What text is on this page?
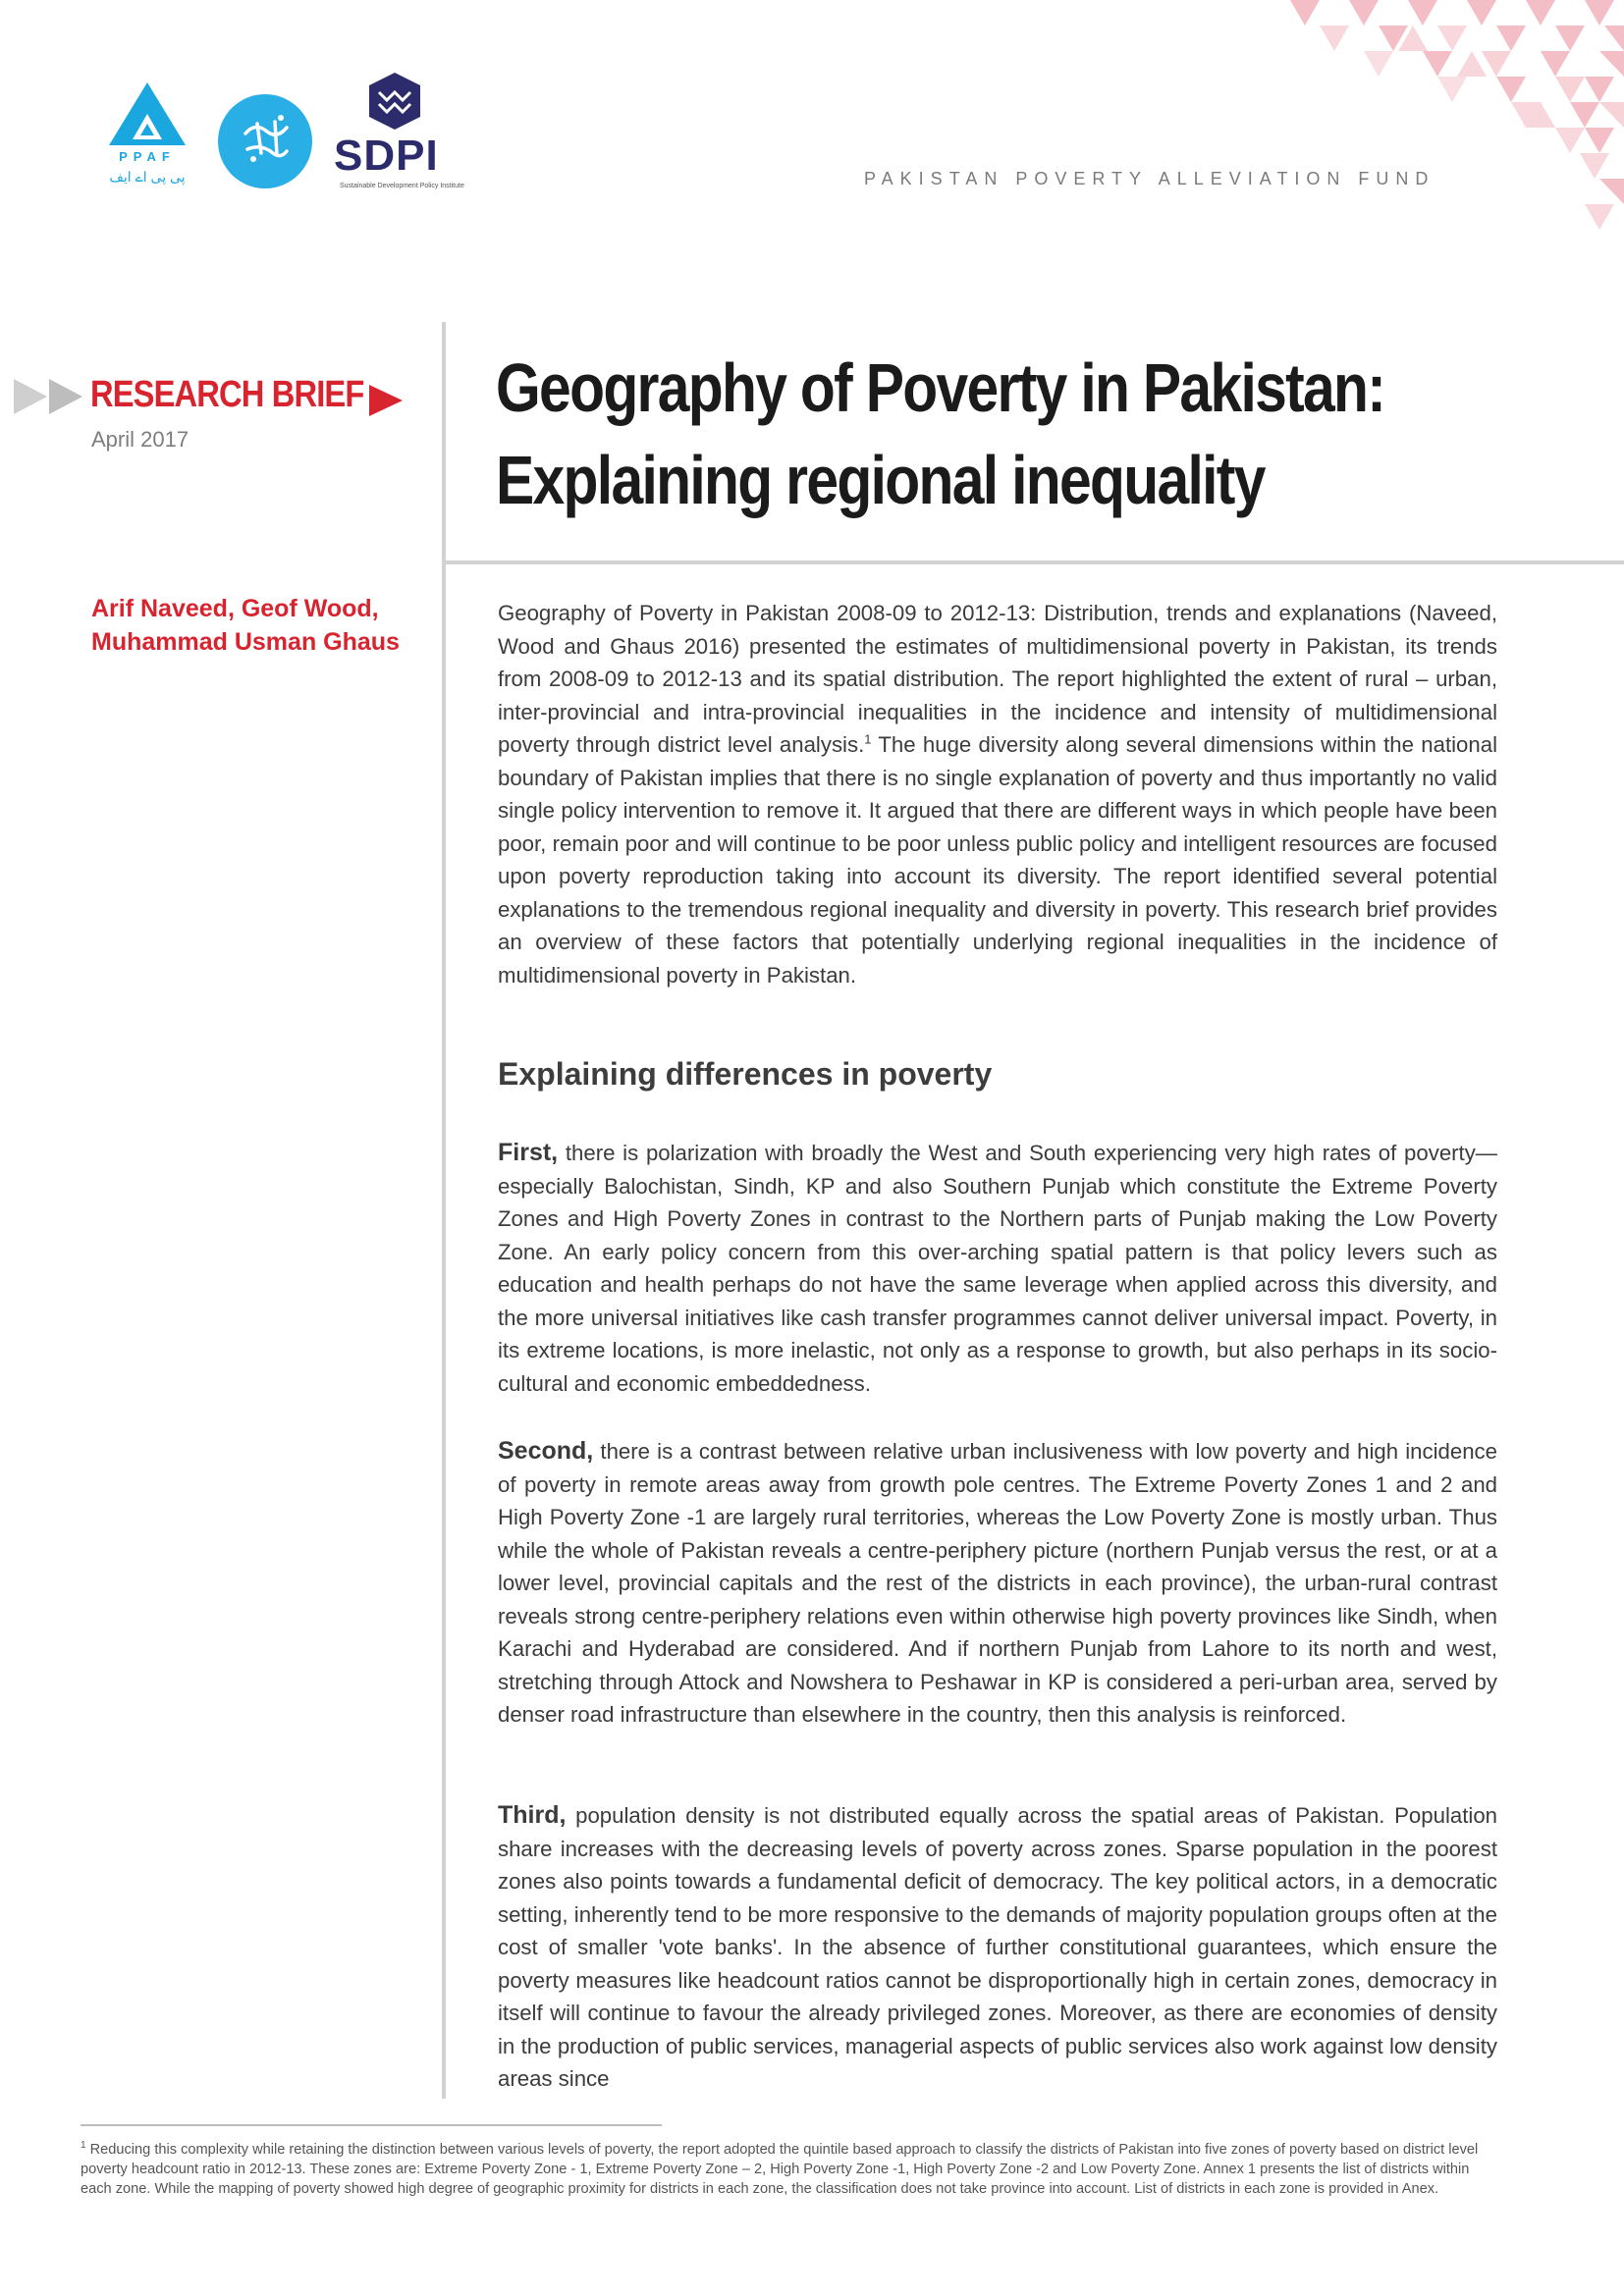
PPAF
پی پی اے ایف	SDPI
Sustainable Development Policy Institute	PAKISTAN POVERTY ALLEVIATION FUND
RESEARCH BRIEF
April 2017
Arif Naveed, Geof Wood,
Muhammad Usman Ghaus
Geography of Poverty in Pakistan:
Explaining regional inequality
Geography of Poverty in Pakistan 2008-09 to 2012-13: Distribution, trends and explanations (Naveed, Wood and Ghaus 2016) presented the estimates of multidimensional poverty in Pakistan, its trends from 2008-09 to 2012-13 and its spatial distribution. The report highlighted the extent of rural – urban, inter-provincial and intra-provincial inequalities in the incidence and intensity of multidimensional poverty through district level analysis.$^1$ The huge diversity along several dimensions within the national boundary of Pakistan implies that there is no single explanation of poverty and thus importantly no valid single policy intervention to remove it. It argued that there are different ways in which people have been poor, remain poor and will continue to be poor unless public policy and intelligent resources are focused upon poverty reproduction taking into account its diversity. The report identified several potential explanations to the tremendous regional inequality and diversity in poverty. This research brief provides an overview of these factors that potentially underlying regional inequalities in the incidence of multidimensional poverty in Pakistan.
Explaining differences in poverty
First, there is polarization with broadly the West and South experiencing very high rates of poverty—especially Balochistan, Sindh, KP and also Southern Punjab which constitute the Extreme Poverty Zones and High Poverty Zones in contrast to the Northern parts of Punjab making the Low Poverty Zone. An early policy concern from this over-arching spatial pattern is that policy levers such as education and health perhaps do not have the same leverage when applied across this diversity, and the more universal initiatives like cash transfer programmes cannot deliver universal impact. Poverty, in its extreme locations, is more inelastic, not only as a response to growth, but also perhaps in its socio-cultural and economic embeddedness.
Second, there is a contrast between relative urban inclusiveness with low poverty and high incidence of poverty in remote areas away from growth pole centres. The Extreme Poverty Zones 1 and 2 and High Poverty Zone -1 are largely rural territories, whereas the Low Poverty Zone is mostly urban. Thus while the whole of Pakistan reveals a centre-periphery picture (northern Punjab versus the rest, or at a lower level, provincial capitals and the rest of the districts in each province), the urban-rural contrast reveals strong centre-periphery relations even within otherwise high poverty provinces like Sindh, when Karachi and Hyderabad are considered. And if northern Punjab from Lahore to its north and west, stretching through Attock and Nowshera to Peshawar in KP is considered a peri-urban area, served by denser road infrastructure than elsewhere in the country, then this analysis is reinforced.
Third, population density is not distributed equally across the spatial areas of Pakistan. Population share increases with the decreasing levels of poverty across zones. Sparse population in the poorest zones also points towards a fundamental deficit of democracy. The key political actors, in a democratic setting, inherently tend to be more responsive to the demands of majority population groups often at the cost of smaller 'vote banks'. In the absence of further constitutional guarantees, which ensure the poverty measures like headcount ratios cannot be disproportionally high in certain zones, democracy in itself will continue to favour the already privileged zones. Moreover, as there are economies of density in the production of public services, managerial aspects of public services also work against low density areas since
$^1$ Reducing this complexity while retaining the distinction between various levels of poverty, the report adopted the quintile based approach to classify the districts of Pakistan into five zones of poverty based on district level poverty headcount ratio in 2012-13. These zones are: Extreme Poverty Zone - 1, Extreme Poverty Zone – 2, High Poverty Zone -1, High Poverty Zone -2 and Low Poverty Zone. Annex 1 presents the list of districts within each zone. While the mapping of poverty showed high degree of geographic proximity for districts in each zone, the classification does not take province into account. List of districts in each zone is provided in Anex.
